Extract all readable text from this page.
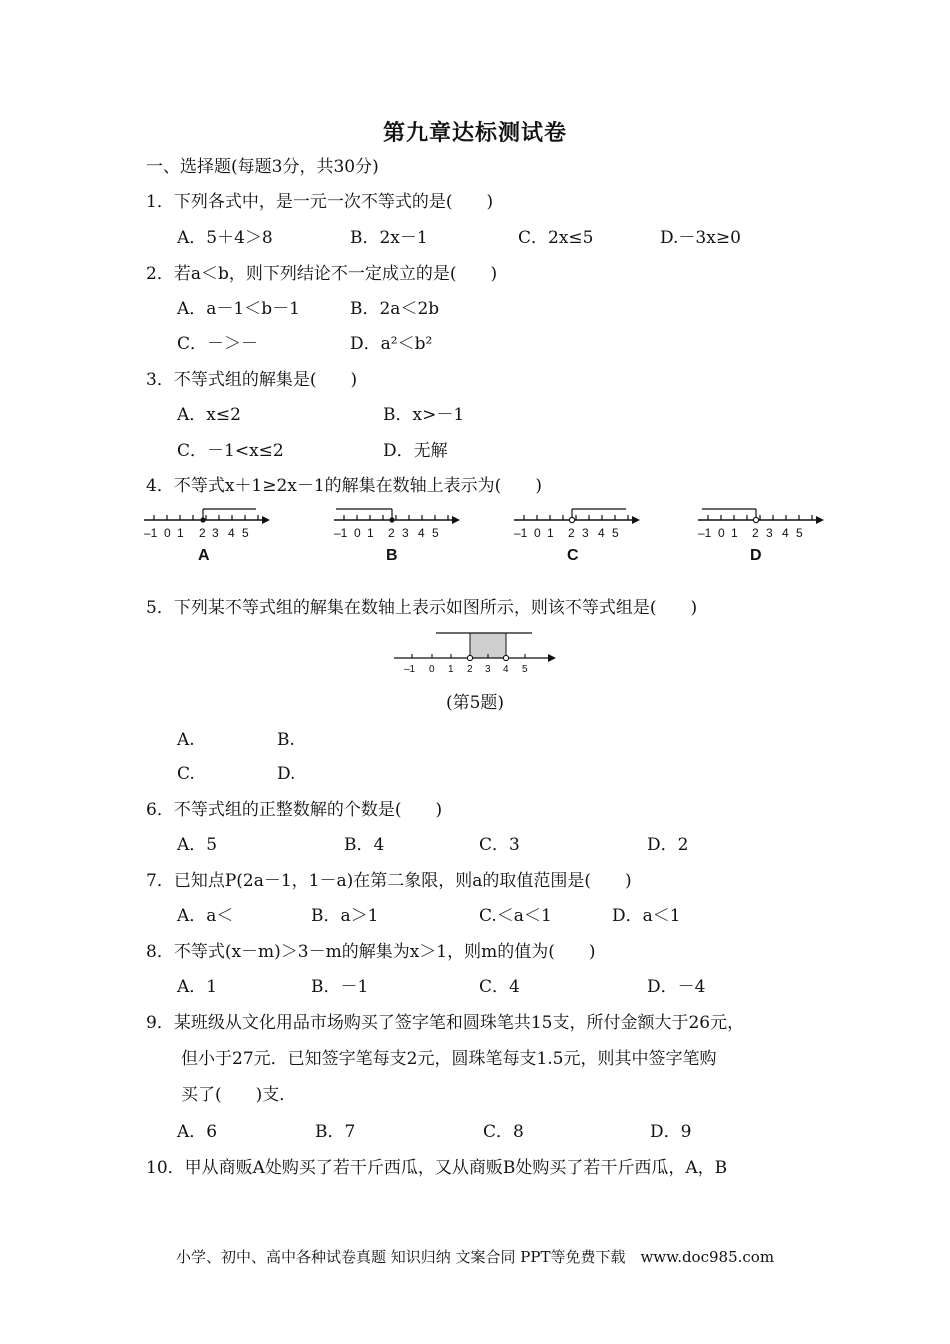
第九章达标测试卷
一、选择题(每题3分，共30分)
1．下列各式中，是一元一次不等式的是(　　)
A．5＋4＞8	B．2x－1	C．2x≤5	D.－3x≥0
2．若a＜b，则下列结论不一定成立的是(　　)
A．a－1＜b－1	B．2a＜2b
C．－＞－	D．a²＜b²
3．不等式组的解集是(　　)
A．x≤2	B．x>－1
C．－1<x≤2	D．无解
4．不等式x＋1≥2x－1的解集在数轴上表示为(　　)
–1 0 1 2 3 4 5	–1 0 1 2 3 4 5	–1 0 1 2 3 4 5	–1 0 1 2 3 4 5
A	B	C	D
5．下列某不等式组的解集在数轴上表示如图所示，则该不等式组是(　　)
–1 0 1 2 3 4 5
(第5题)
A.	B.
C.	D.
6．不等式组的正整数解的个数是(　　)
A．5	B．4	C．3	D．2
7．已知点P(2a－1，1－a)在第二象限，则a的取值范围是(　　)
A．a＜	B．a＞1	C.＜a＜1	D．a＜1
8．不等式(x－m)＞3－m的解集为x＞1，则m的值为(　　)
A．1	B．－1	C．4	D．－4
9．某班级从文化用品市场购买了签字笔和圆珠笔共15支，所付金额大于26元，
但小于27元．已知签字笔每支2元，圆珠笔每支1.5元，则其中签字笔购
买了(　　)支．
A．6	B．7	C．8	D．9
10．甲从商贩A处购买了若干斤西瓜，又从商贩B处购买了若干斤西瓜，A，B
小学、初中、高中各种试卷真题 知识归纳 文案合同 PPT等免费下载　www.doc985.com
